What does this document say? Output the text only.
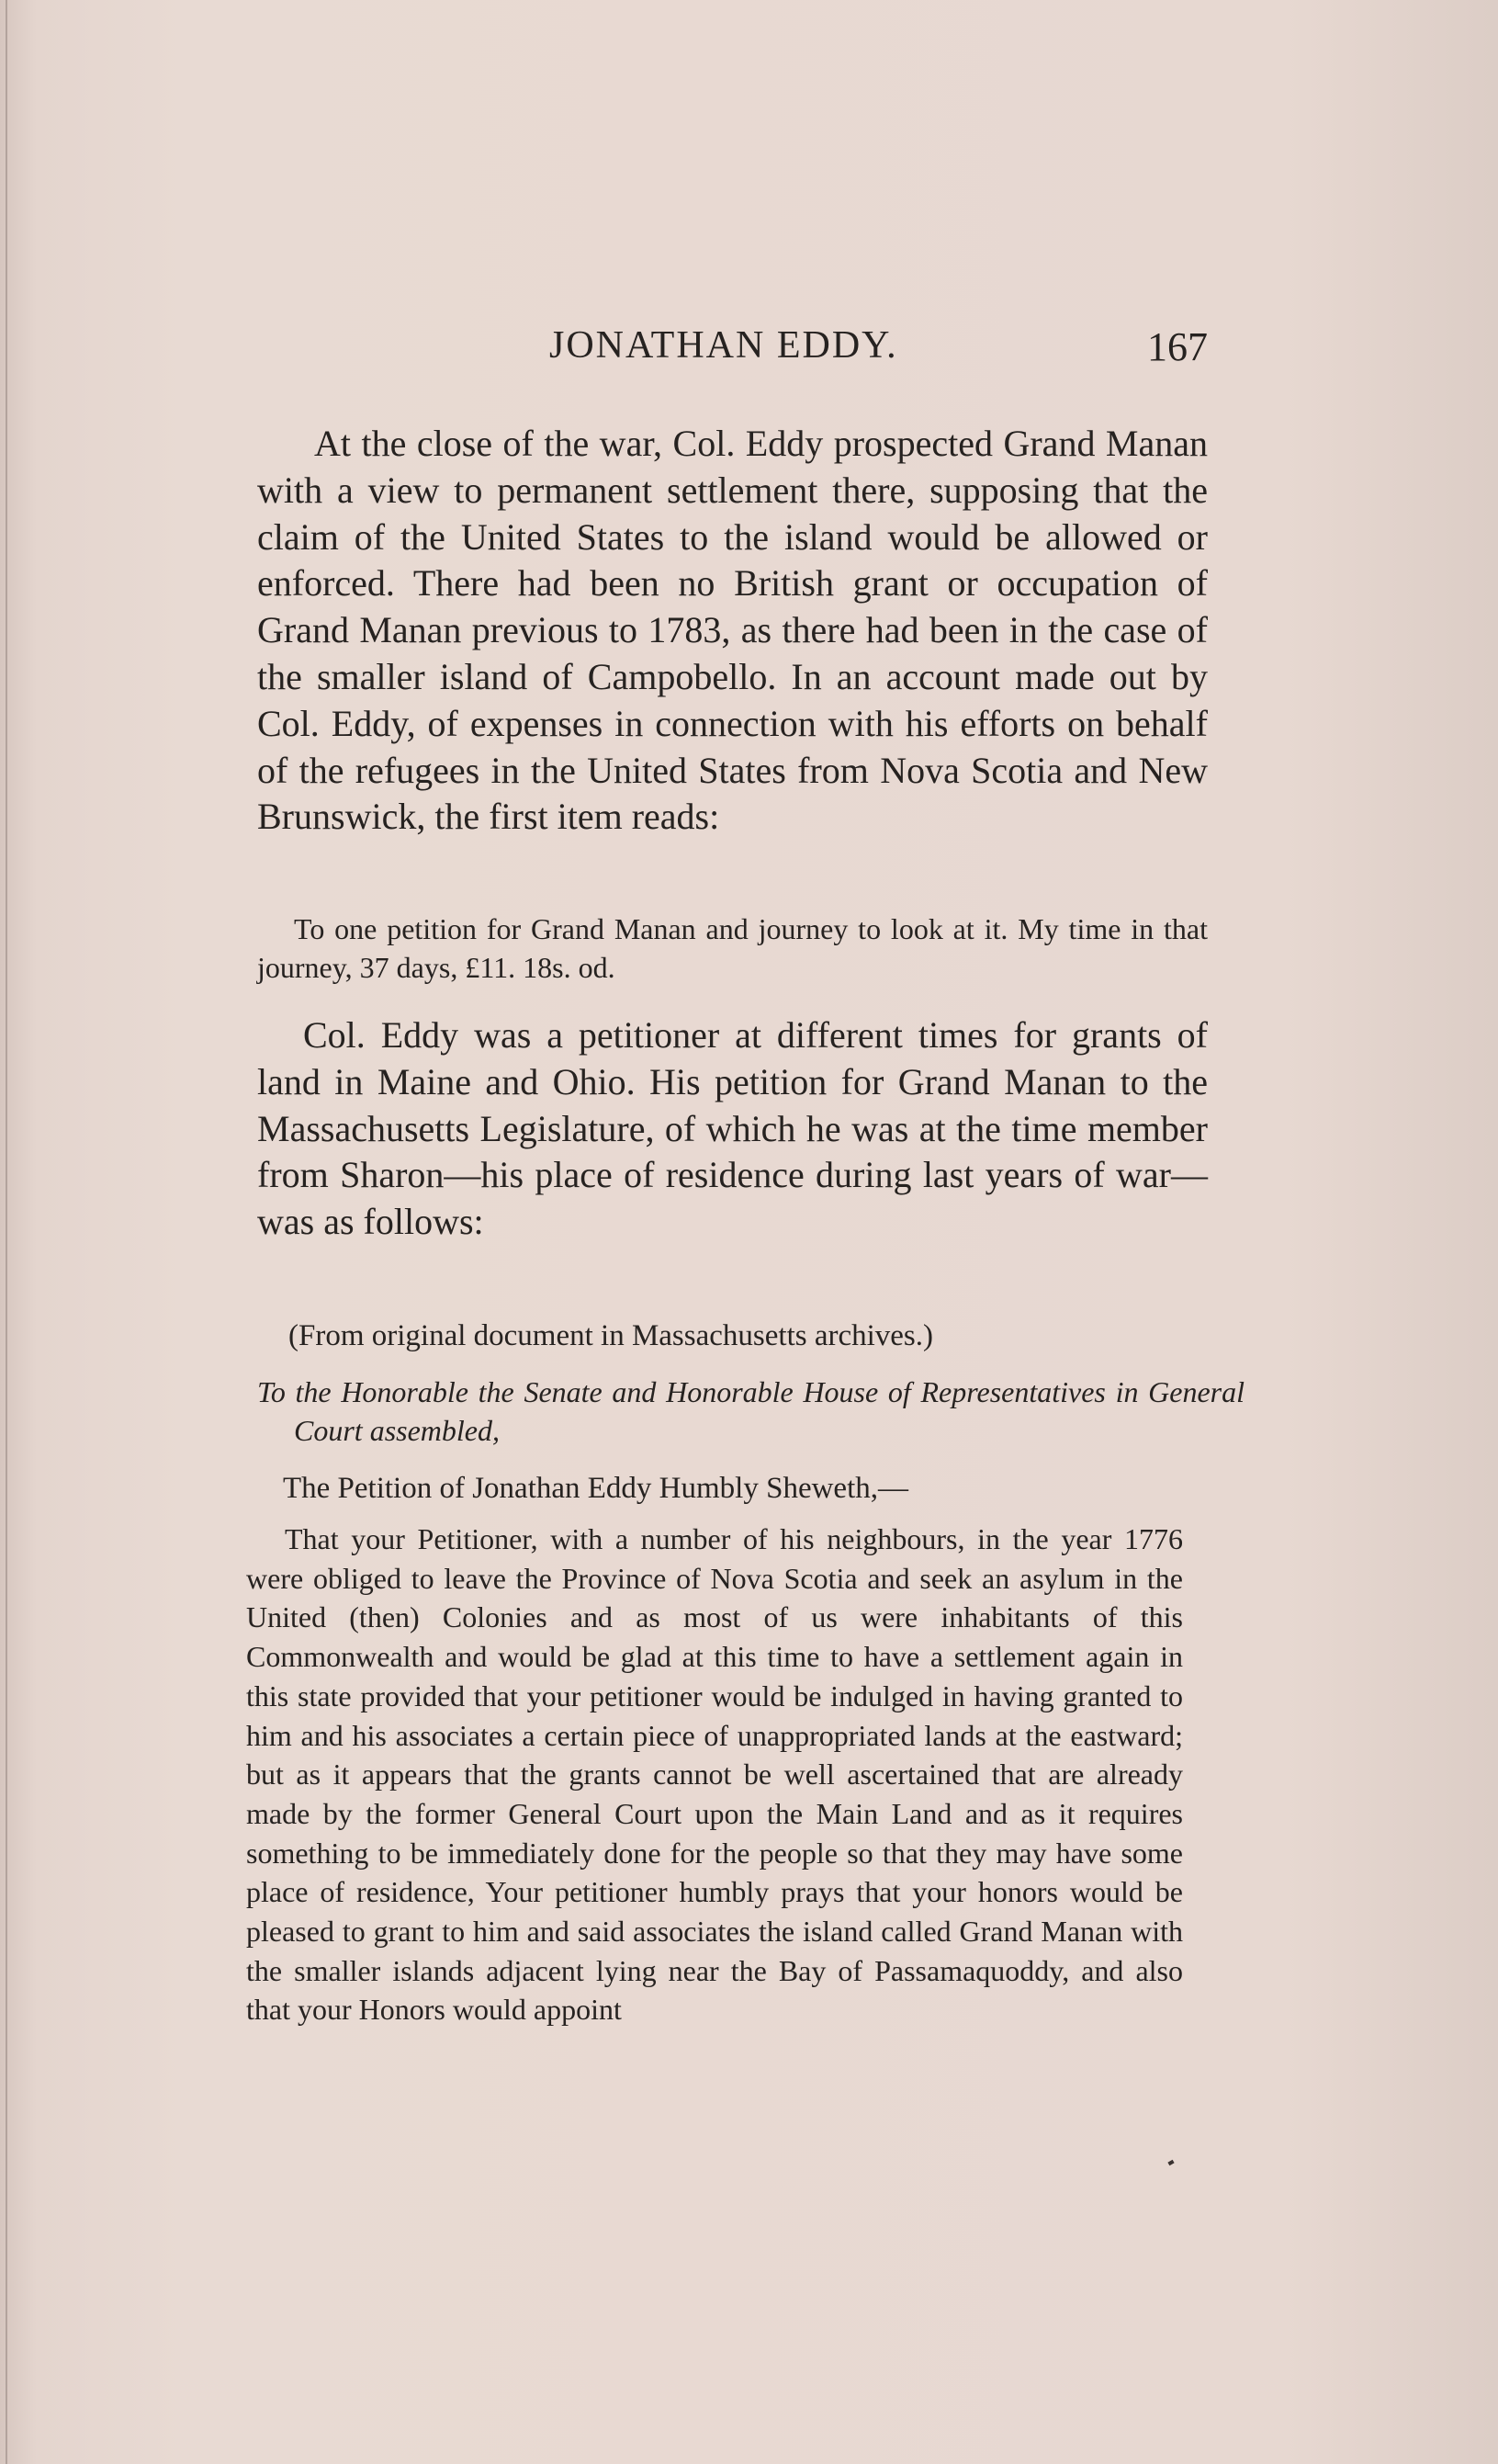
JONATHAN EDDY.	167
At the close of the war, Col. Eddy prospected Grand Manan with a view to permanent settlement there, supposing that the claim of the United States to the island would be allowed or enforced. There had been no British grant or occupation of Grand Manan previous to 1783, as there had been in the case of the smaller island of Campobello. In an account made out by Col. Eddy, of expenses in connection with his efforts on behalf of the refugees in the United States from Nova Scotia and New Brunswick, the first item reads:
To one petition for Grand Manan and journey to look at it. My time in that journey, 37 days, £11. 18s. od.
Col. Eddy was a petitioner at different times for grants of land in Maine and Ohio. His petition for Grand Manan to the Massachusetts Legislature, of which he was at the time member from Sharon—his place of residence during last years of war—was as follows:
(From original document in Massachusetts archives.)
To the Honorable the Senate and Honorable House of Representatives in General Court assembled,
The Petition of Jonathan Eddy Humbly Sheweth,—
That your Petitioner, with a number of his neighbours, in the year 1776 were obliged to leave the Province of Nova Scotia and seek an asylum in the United (then) Colonies and as most of us were inhabitants of this Commonwealth and would be glad at this time to have a settlement again in this state provided that your petitioner would be indulged in having granted to him and his associates a certain piece of unappropriated lands at the eastward; but as it appears that the grants cannot be well ascertained that are already made by the former General Court upon the Main Land and as it requires something to be immediately done for the people so that they may have some place of residence, Your petitioner humbly prays that your honors would be pleased to grant to him and said associates the island called Grand Manan with the smaller islands adjacent lying near the Bay of Passamaquoddy, and also that your Honors would appoint
